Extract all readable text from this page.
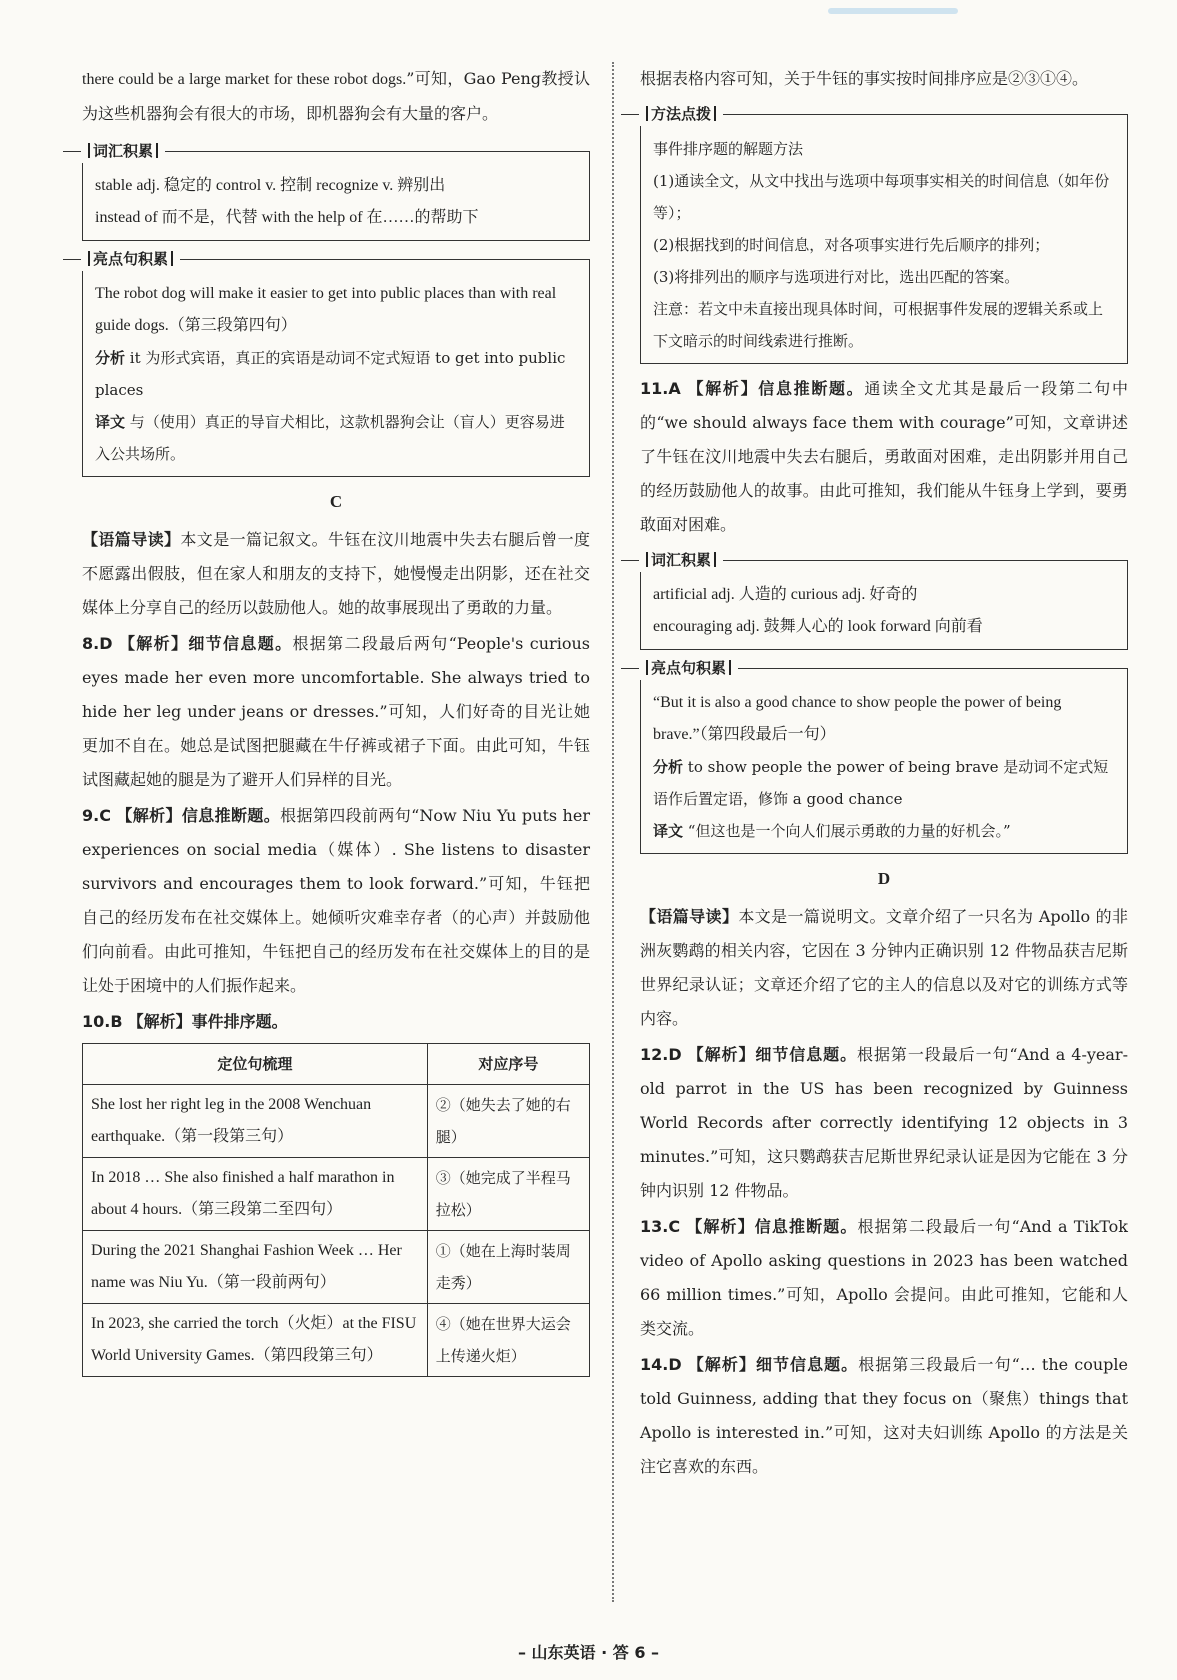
there could be a large market for these robot dogs.”可知，Gao Peng教授认为这些机器狗会有很大的市场，即机器狗会有大量的客户。

词汇积累
stable adj. 稳定的 control v. 控制 recognize v. 辨别出
instead of 而不是，代替 with the help of 在……的帮助下
亮点句积累
The robot dog will make it easier to get into public places than with real guide dogs.（第三段第四句）
分析 it 为形式宾语，真正的宾语是动词不定式短语 to get into public places
译文 与（使用）真正的导盲犬相比，这款机器狗会让（盲人）更容易进入公共场所。
C

【语篇导读】本文是一篇记叙文。牛钰在汶川地震中失去右腿后曾一度不愿露出假肢，但在家人和朋友的支持下，她慢慢走出阴影，还在社交媒体上分享自己的经历以鼓励他人。她的故事展现出了勇敢的力量。

8.D 【解析】细节信息题。根据第二段最后两句“People's curious eyes made her even more uncomfortable. She always tried to hide her leg under jeans or dresses.”可知，人们好奇的目光让她更加不自在。她总是试图把腿藏在牛仔裤或裙子下面。由此可知，牛钰试图藏起她的腿是为了避开人们异样的目光。

9.C 【解析】信息推断题。根据第四段前两句“Now Niu Yu puts her experiences on social media（媒体）. She listens to disaster survivors and encourages them to look forward.”可知，牛钰把自己的经历发布在社交媒体上。她倾听灾难幸存者（的心声）并鼓励他们向前看。由此可推知，牛钰把自己的经历发布在社交媒体上的目的是让处于困境中的人们振作起来。

10.B 【解析】事件排序题。

定位句梳理	对应序号
She lost her right leg in the 2008 Wenchuan earthquake.（第一段第三句）	②（她失去了她的右腿）
In 2018 … She also finished a half marathon in about 4 hours.（第三段第二至四句）	③（她完成了半程马拉松）
During the 2021 Shanghai Fashion Week … Her name was Niu Yu.（第一段前两句）	①（她在上海时装周走秀）
In 2023, she carried the torch（火炬）at the FISU World University Games.（第四段第三句）	④（她在世界大运会上传递火炬）

根据表格内容可知，关于牛钰的事实按时间排序应是②③①④。

方法点拨
事件排序题的解题方法
(1)通读全文，从文中找出与选项中每项事实相关的时间信息（如年份等）；
(2)根据找到的时间信息，对各项事实进行先后顺序的排列；
(3)将排列出的顺序与选项进行对比，选出匹配的答案。
注意：若文中未直接出现具体时间，可根据事件发展的逻辑关系或上下文暗示的时间线索进行推断。

11.A 【解析】信息推断题。通读全文尤其是最后一段第二句中的“we should always face them with courage”可知，文章讲述了牛钰在汶川地震中失去右腿后，勇敢面对困难，走出阴影并用自己的经历鼓励他人的故事。由此可推知，我们能从牛钰身上学到，要勇敢面对困难。

词汇积累
artificial adj. 人造的 curious adj. 好奇的
encouraging adj. 鼓舞人心的 look forward 向前看
亮点句积累
“But it is also a good chance to show people the power of being brave.”（第四段最后一句）
分析 to show people the power of being brave 是动词不定式短语作后置定语，修饰 a good chance
译文 “但这也是一个向人们展示勇敢的力量的好机会。”
D

【语篇导读】本文是一篇说明文。文章介绍了一只名为 Apollo 的非洲灰鹦鹉的相关内容，它因在 3 分钟内正确识别 12 件物品获吉尼斯世界纪录认证；文章还介绍了它的主人的信息以及对它的训练方式等内容。

12.D 【解析】细节信息题。根据第一段最后一句“And a 4-year-old parrot in the US has been recognized by Guinness World Records after correctly identifying 12 objects in 3 minutes.”可知，这只鹦鹉获吉尼斯世界纪录认证是因为它能在 3 分钟内识别 12 件物品。

13.C 【解析】信息推断题。根据第二段最后一句“And a TikTok video of Apollo asking questions in 2023 has been watched 66 million times.”可知，Apollo 会提问。由此可推知，它能和人类交流。

14.D 【解析】细节信息题。根据第三段最后一句“… the couple told Guinness, adding that they focus on（聚焦）things that Apollo is interested in.”可知，这对夫妇训练 Apollo 的方法是关注它喜欢的东西。

– 山东英语 · 答 6 –
